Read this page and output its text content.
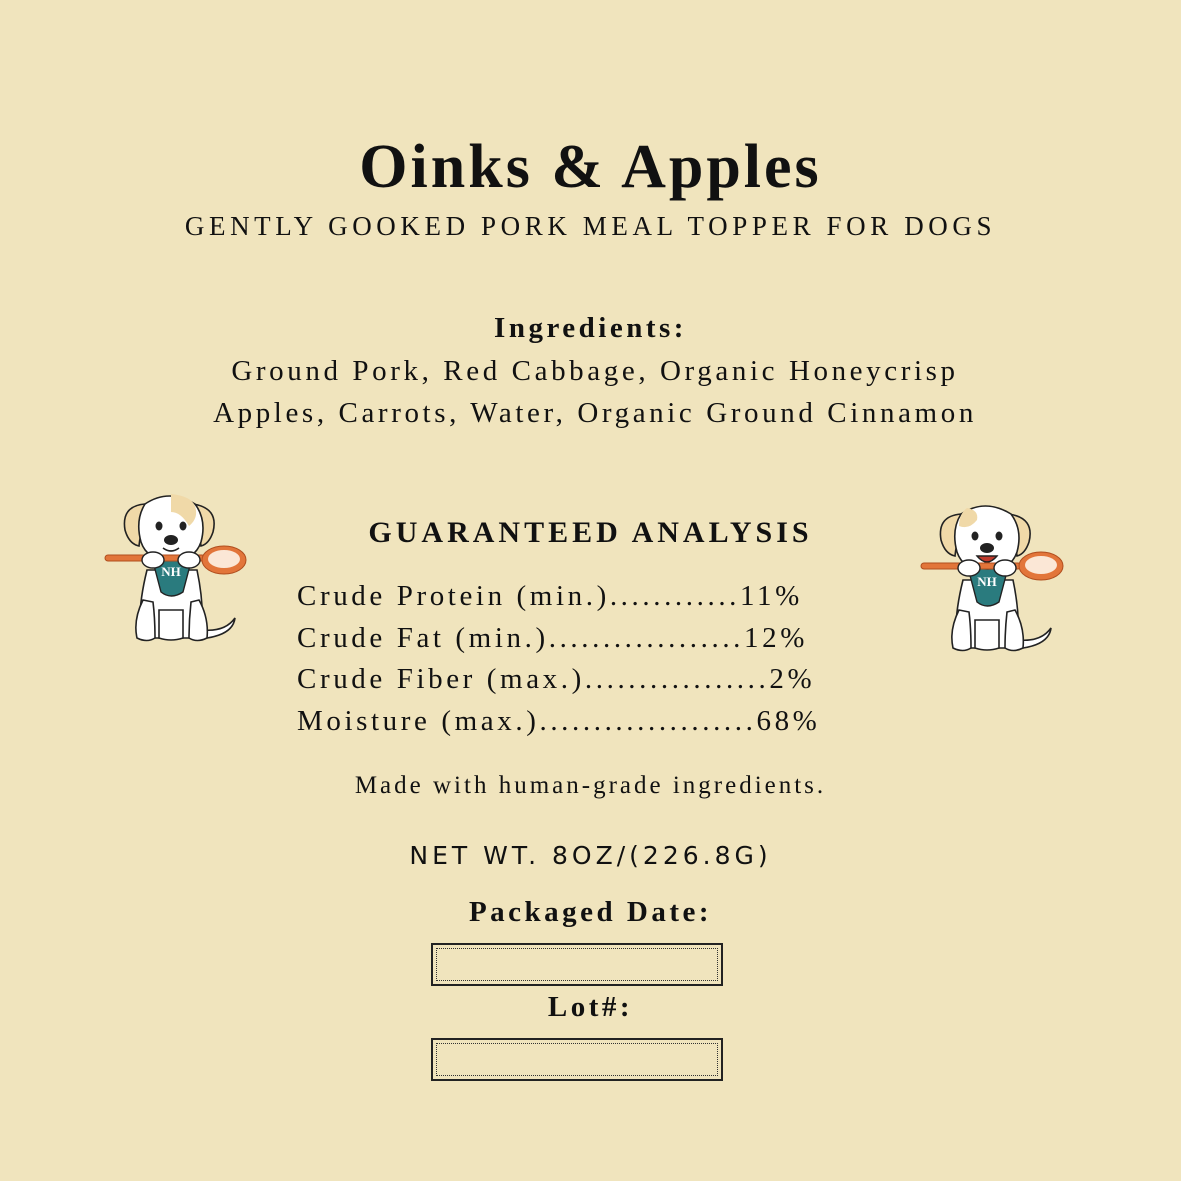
Oinks & Apples
GENTLY GOOKED PORK MEAL TOPPER FOR DOGS
Ingredients:
Ground Pork, Red Cabbage, Organic Honeycrisp Apples, Carrots, Water, Organic Ground Cinnamon
GUARANTEED ANALYSIS
Crude Protein (min.)............11%
Crude Fat (min.)..................12%
Crude Fiber (max.).................2%
Moisture (max.)....................68%
Made with human-grade ingredients.
NET WT. 8OZ/(226.8G)
Packaged Date:
Lot#:
NH
NH
